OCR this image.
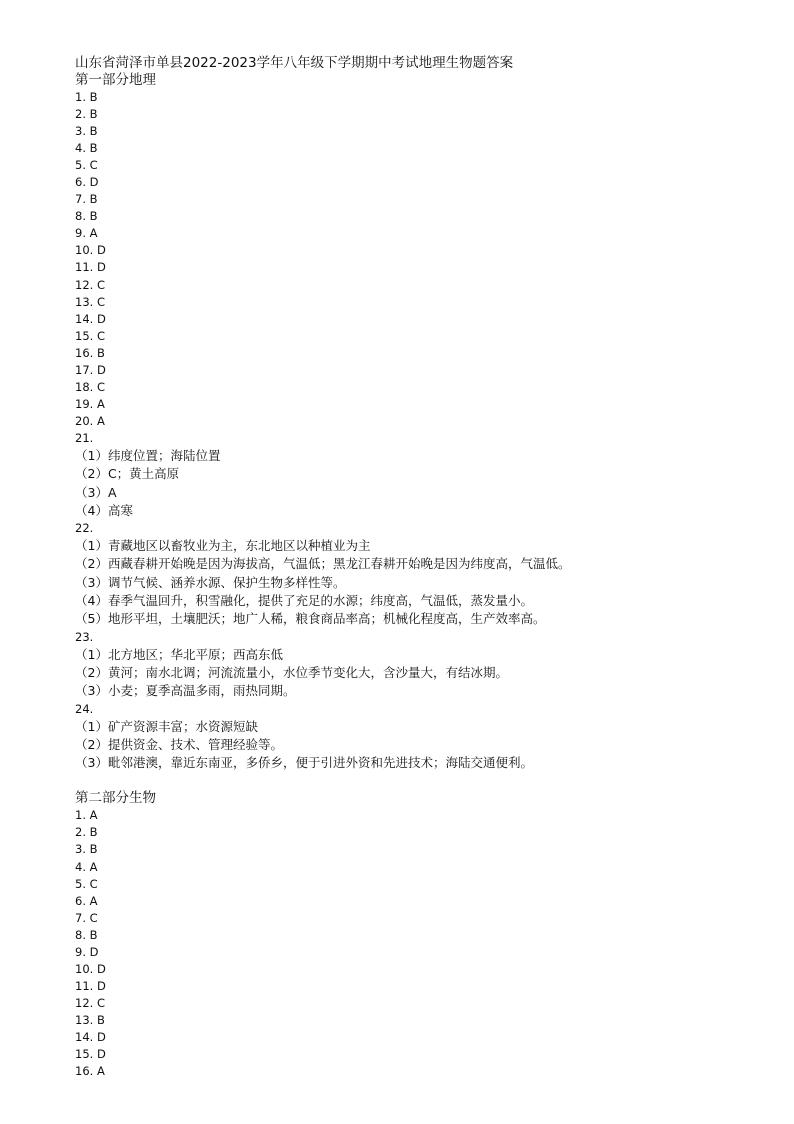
山东省菏泽市单县2022-2023学年八年级下学期期中考试地理生物题答案
第一部分地理
1. B
2. B
3. B
4. B
5. C
6. D
7. B
8. B
9. A
10. D
11. D
12. C
13. C
14. D
15. C
16. B
17. D
18. C
19. A
20. A
21.
（1）纬度位置；海陆位置
（2）C；黄土高原
（3）A
（4）高寒
22.
（1）青藏地区以畜牧业为主，东北地区以种植业为主
（2）西藏春耕开始晚是因为海拔高，气温低；黑龙江春耕开始晚是因为纬度高，气温低。
（3）调节气候、涵养水源、保护生物多样性等。
（4）春季气温回升，积雪融化，提供了充足的水源；纬度高，气温低，蒸发量小。
（5）地形平坦，土壤肥沃；地广人稀，粮食商品率高；机械化程度高，生产效率高。
23.
（1）北方地区；华北平原；西高东低
（2）黄河；南水北调；河流流量小，水位季节变化大，含沙量大，有结冰期。
（3）小麦；夏季高温多雨，雨热同期。
24.
（1）矿产资源丰富；水资源短缺
（2）提供资金、技术、管理经验等。
（3）毗邻港澳，靠近东南亚，多侨乡，便于引进外资和先进技术；海陆交通便利。
第二部分生物
1. A
2. B
3. B
4. A
5. C
6. A
7. C
8. B
9. D
10. D
11. D
12. C
13. B
14. D
15. D
16. A
